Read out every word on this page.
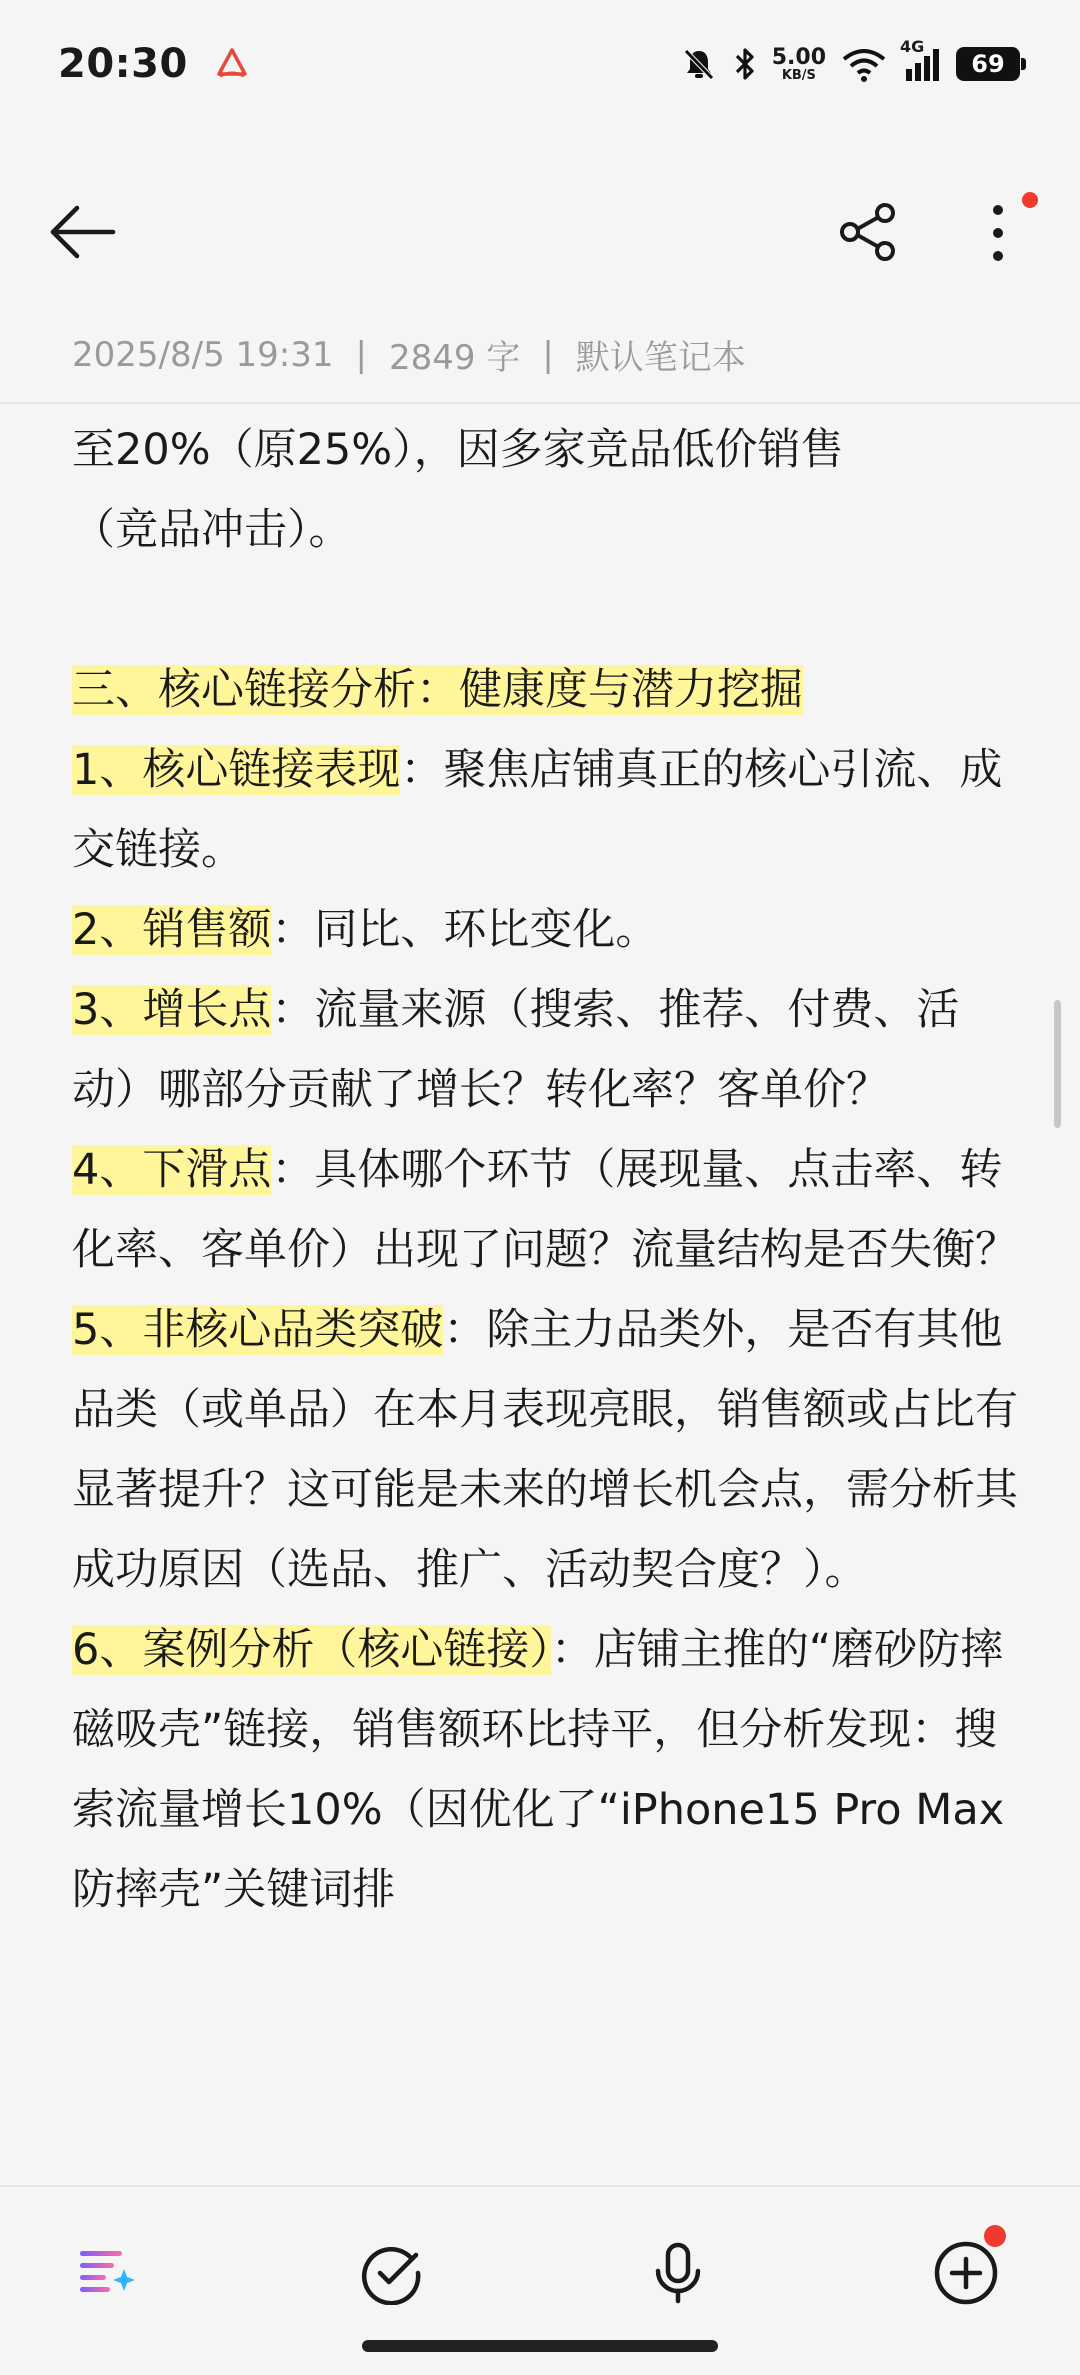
20:30	5.00
KB/S
4G
69
2025/8/5 19:31 | 2849 字 | 默认笔记本

至20%（原25%），因多家竞品低价销售

（竞品冲击）。

三、核心链接分析：健康度与潜力挖掘

1、核心链接表现：聚焦店铺真正的核心引流、成交链接。

2、销售额：同比、环比变化。

3、增长点：流量来源（搜索、推荐、付费、活动）哪部分贡献了增长？转化率？客单价？

4、下滑点：具体哪个环节（展现量、点击率、转化率、客单价）出现了问题？流量结构是否失衡？

5、非核心品类突破：除主力品类外，是否有其他品类（或单品）在本月表现亮眼，销售额或占比有显著提升？这可能是未来的增长机会点，需分析其成功原因（选品、推广、活动契合度？）。

6、案例分析（核心链接）：店铺主推的“磨砂防摔磁吸壳”链接，销售额环比持平，但分析发现：搜索流量增长10%（因优化了“iPhone15 Pro Max 防摔壳”关键词排
